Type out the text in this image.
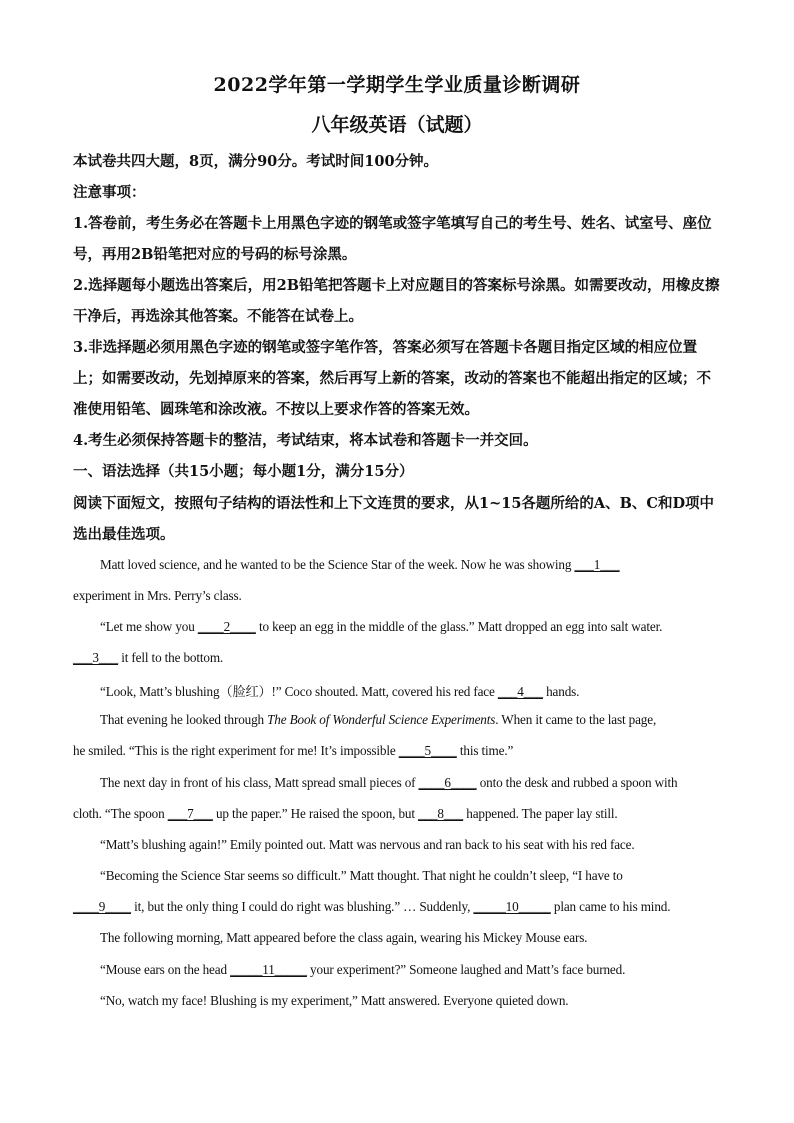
2022学年第一学期学生学业质量诊断调研
八年级英语（试题）
本试卷共四大题，8页，满分90分。考试时间100分钟。
注意事项：
1.答卷前，考生务必在答题卡上用黑色字迹的钢笔或签字笔填写自己的考生号、姓名、试室号、座位号，再用2B铅笔把对应的号码的标号涂黑。
2.选择题每小题选出答案后，用2B铅笔把答题卡上对应题目的答案标号涂黑。如需要改动，用橡皮擦干净后，再选涂其他答案。不能答在试卷上。
3.非选择题必须用黑色字迹的钢笔或签字笔作答，答案必须写在答题卡各题目指定区域的相应位置上；如需要改动，先划掉原来的答案，然后再写上新的答案，改动的答案也不能超出指定的区域；不准使用铅笔、圆珠笔和涂改液。不按以上要求作答的答案无效。
4.考生必须保持答题卡的整洁，考试结束，将本试卷和答题卡一并交回。
一、语法选择（共15小题；每小题1分，满分15分）
阅读下面短文，按照句子结构的语法性和上下文连贯的要求，从1~15各题所给的A、B、C和D项中选出最佳选项。
Matt loved science, and he wanted to be the Science Star of the week. Now he was showing ___1___
experiment in Mrs. Perry’s class.
“Let me show you ____2____ to keep an egg in the middle of the glass.” Matt dropped an egg into salt water.
___3___ it fell to the bottom.
“Look, Matt’s blushing（脸红）!” Coco shouted. Matt, covered his red face ___4___ hands.
That evening he looked through The Book of Wonderful Science Experiments. When it came to the last page,
he smiled. “This is the right experiment for me! It’s impossible ____5____ this time.”
The next day in front of his class, Matt spread small pieces of ____6____ onto the desk and rubbed a spoon with
cloth. “The spoon ___7___ up the paper.” He raised the spoon, but ___8___ happened. The paper lay still.
“Matt’s blushing again!” Emily pointed out. Matt was nervous and ran back to his seat with his red face.
“Becoming the Science Star seems so difficult.” Matt thought. That night he couldn’t sleep, “I have to
____9____ it, but the only thing I could do right was blushing.” … Suddenly, _____10_____ plan came to his mind.
The following morning, Matt appeared before the class again, wearing his Mickey Mouse ears.
“Mouse ears on the head _____11_____ your experiment?” Someone laughed and Matt’s face burned.
“No, watch my face! Blushing is my experiment,” Matt answered. Everyone quieted down.
